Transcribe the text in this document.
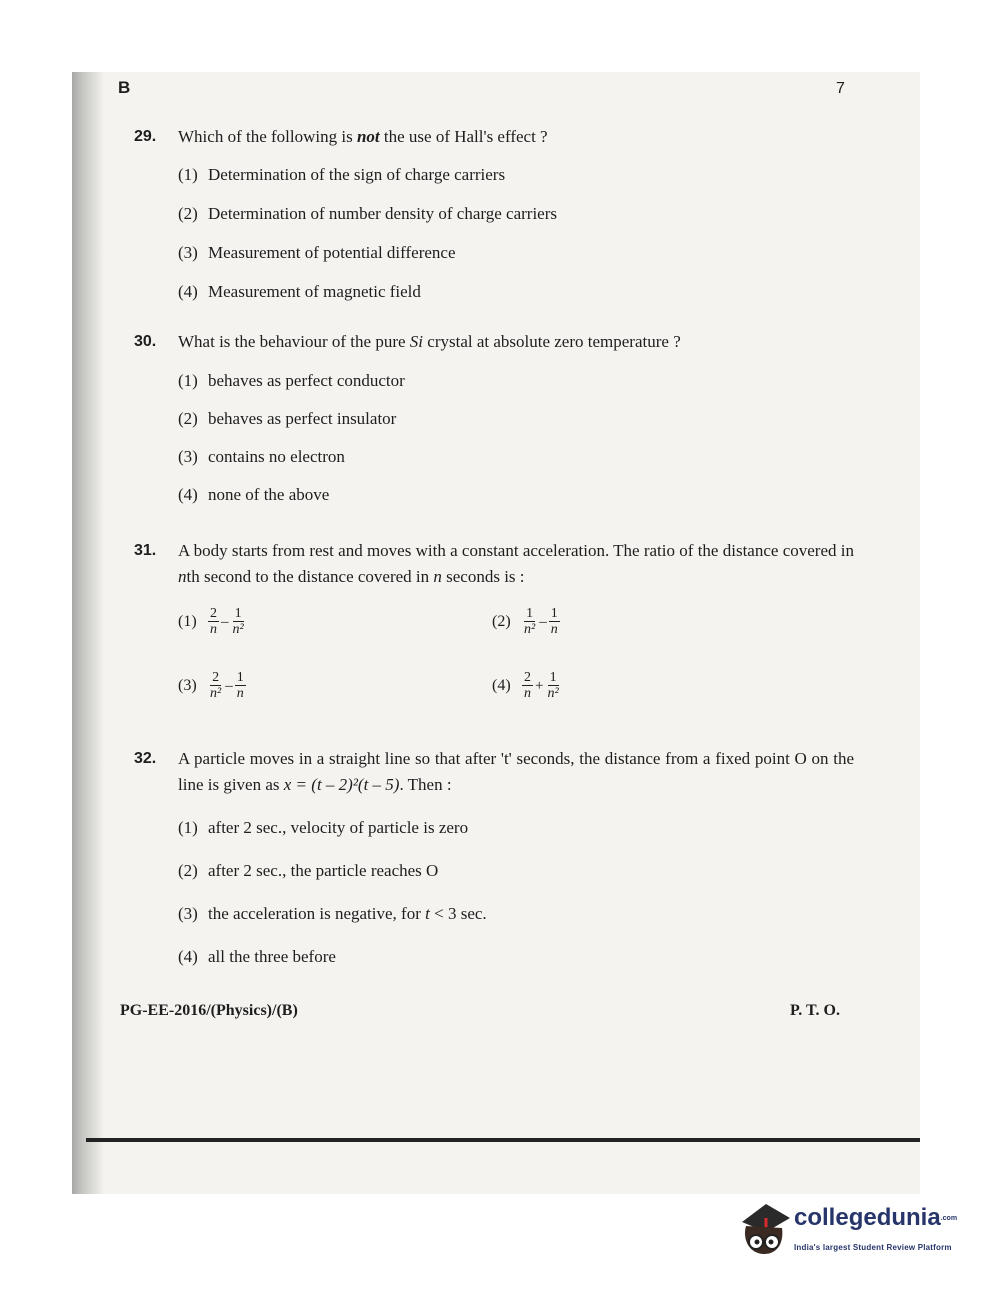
B	7
29. Which of the following is not the use of Hall's effect ?
(1) Determination of the sign of charge carriers
(2) Determination of number density of charge carriers
(3) Measurement of potential difference
(4) Measurement of magnetic field
30. What is the behaviour of the pure Si crystal at absolute zero temperature ?
(1) behaves as perfect conductor
(2) behaves as perfect insulator
(3) contains no electron
(4) none of the above
31. A body starts from rest and moves with a constant acceleration. The ratio of the distance covered in nth second to the distance covered in n seconds is :
$(1) \frac{2}{n} - \frac{1}{\text{n²}}$	$(2) \frac{1}{\text{n²}} - \frac{1}{n}$
$(3) \frac{2}{\text{n²}} - \frac{1}{n}$	$(4) \frac{2}{n} + \frac{1}{\text{n²}}$
32. A particle moves in a straight line so that after 't' seconds, the distance from a fixed point O on the line is given as x = (t – 2)²(t – 5). Then :
(1) after 2 sec., velocity of particle is zero
(2) after 2 sec., the particle reaches O
(3) the acceleration is negative, for t < 3 sec.
(4) all the three before
PG-EE-2016/(Physics)/(B)	P. T. O.
collegedunia.com
India's largest Student Review Platform
